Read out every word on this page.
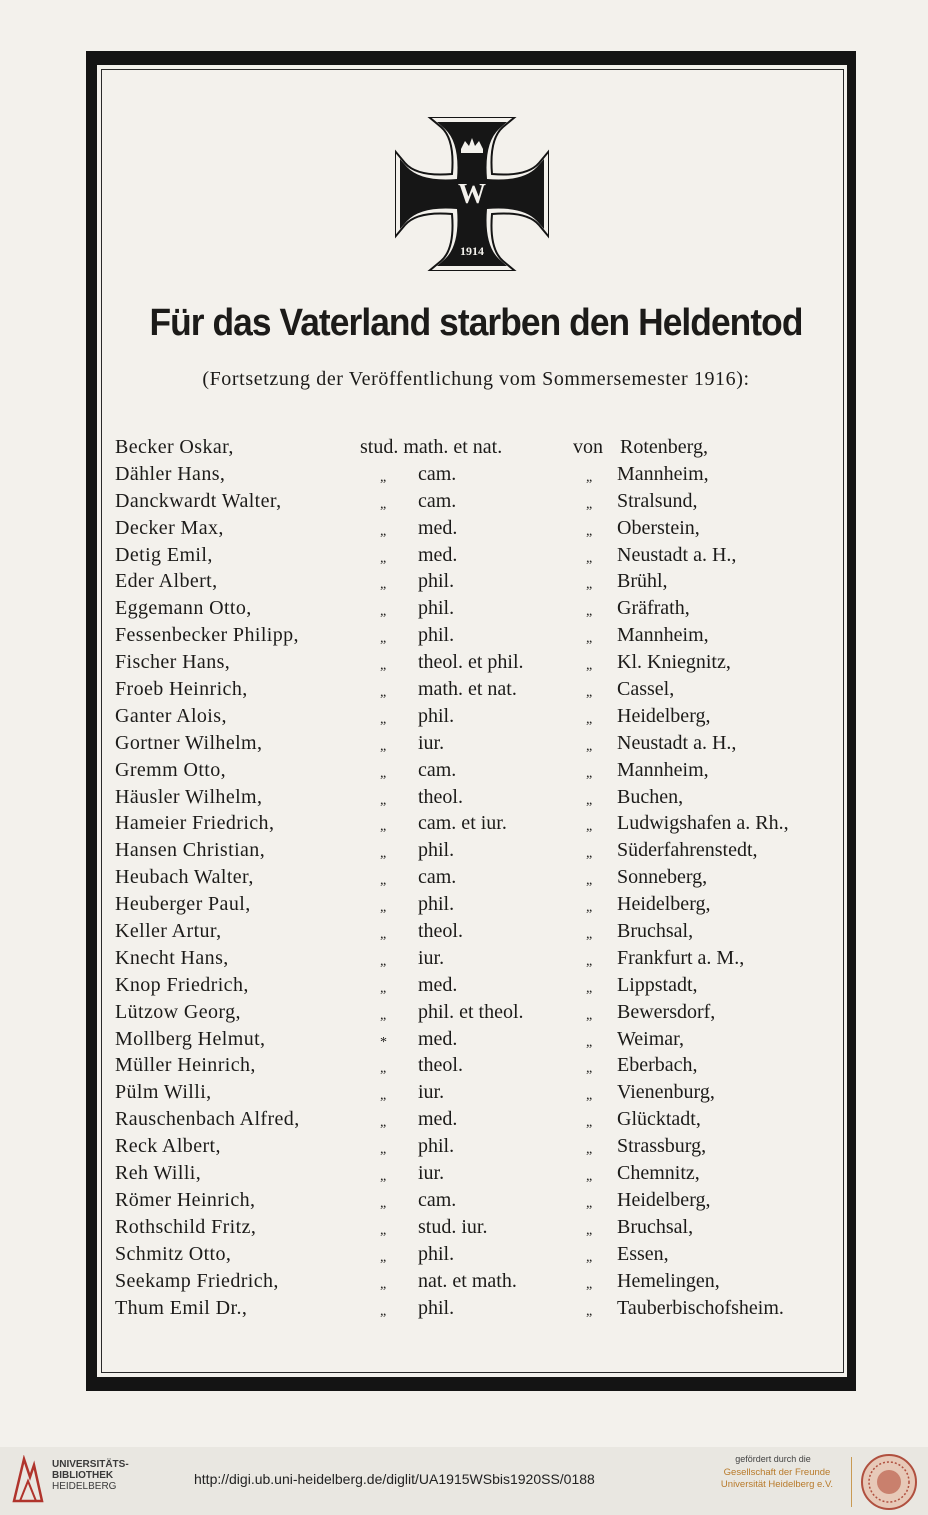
W
1914
Für das Vaterland starben den Heldentod
(Fortsetzung der Veröffentlichung vom Sommersemester 1916):
Becker Oskar,	stud. math. et nat.	von Rotenberg,
Dähler Hans,	„ cam.	„ Mannheim,
Danckwardt Walter,	„ cam.	„ Stralsund,
Decker Max,	„ med.	„ Oberstein,
Detig Emil,	„ med.	„ Neustadt a. H.,
Eder Albert,	„ phil.	„ Brühl,
Eggemann Otto,	„ phil.	„ Gräfrath,
Fessenbecker Philipp,	„ phil.	„ Mannheim,
Fischer Hans,	„ theol. et phil.	„ Kl. Kniegnitz,
Froeb Heinrich,	„ math. et nat.	„ Cassel,
Ganter Alois,	„ phil.	„ Heidelberg,
Gortner Wilhelm,	„ iur.	„ Neustadt a. H.,
Gremm Otto,	„ cam.	„ Mannheim,
Häusler Wilhelm,	„ theol.	„ Buchen,
Hameier Friedrich,	„ cam. et iur.	„ Ludwigshafen a. Rh.,
Hansen Christian,	„ phil.	„ Süderfahrenstedt,
Heubach Walter,	„ cam.	„ Sonneberg,
Heuberger Paul,	„ phil.	„ Heidelberg,
Keller Artur,	„ theol.	„ Bruchsal,
Knecht Hans,	„ iur.	„ Frankfurt a. M.,
Knop Friedrich,	„ med.	„ Lippstadt,
Lützow Georg,	„ phil. et theol.	„ Bewersdorf,
Mollberg Helmut,	* med.	„ Weimar,
Müller Heinrich,	„ theol.	„ Eberbach,
Pülm Willi,	„ iur.	„ Vienenburg,
Rauschenbach Alfred,	„ med.	„ Glücktadt,
Reck Albert,	„ phil.	„ Strassburg,
Reh Willi,	„ iur.	„ Chemnitz,
Römer Heinrich,	„ cam.	„ Heidelberg,
Rothschild Fritz,	„ stud. iur.	„ Bruchsal,
Schmitz Otto,	„ phil.	„ Essen,
Seekamp Friedrich,	„ nat. et math.	„ Hemelingen,
Thum Emil Dr.,	„ phil.	„ Tauberbischofsheim.
UNIVERSITÄTS-
BIBLIOTHEK
HEIDELBERG	http://digi.ub.uni-heidelberg.de/diglit/UA1915WSbis1920SS/0188
gefördert durch die
Gesellschaft der Freunde
Universität Heidelberg e.V.
